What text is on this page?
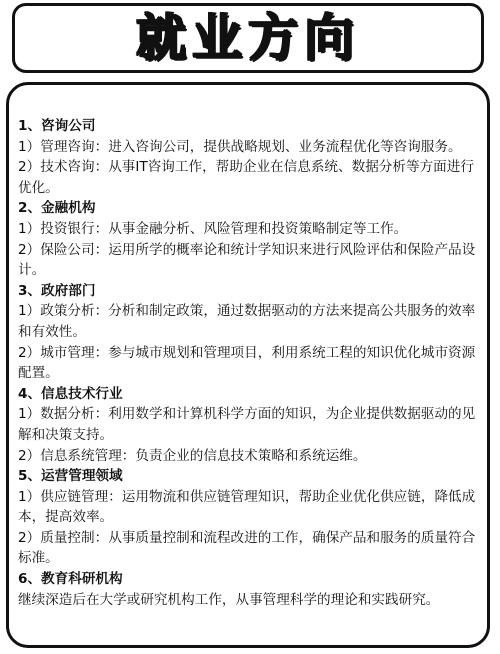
就业方向

1、咨询公司

1）管理咨询：进入咨询公司，提供战略规划、业务流程优化等咨询服务。

2）技术咨询：从事IT咨询工作，帮助企业在信息系统、数据分析等方面进行优化。

2、金融机构

1）投资银行：从事金融分析、风险管理和投资策略制定等工作。

2）保险公司：运用所学的概率论和统计学知识来进行风险评估和保险产品设计。

3、政府部门

1）政策分析：分析和制定政策，通过数据驱动的方法来提高公共服务的效率和有效性。

2）城市管理：参与城市规划和管理项目，利用系统工程的知识优化城市资源配置。

4、信息技术行业

1）数据分析：利用数学和计算机科学方面的知识，为企业提供数据驱动的见解和决策支持。

2）信息系统管理：负责企业的信息技术策略和系统运维。

5、运营管理领域

1）供应链管理：运用物流和供应链管理知识，帮助企业优化供应链，降低成本，提高效率。

2）质量控制：从事质量控制和流程改进的工作，确保产品和服务的质量符合标准。

6、教育科研机构

继续深造后在大学或研究机构工作，从事管理科学的理论和实践研究。
